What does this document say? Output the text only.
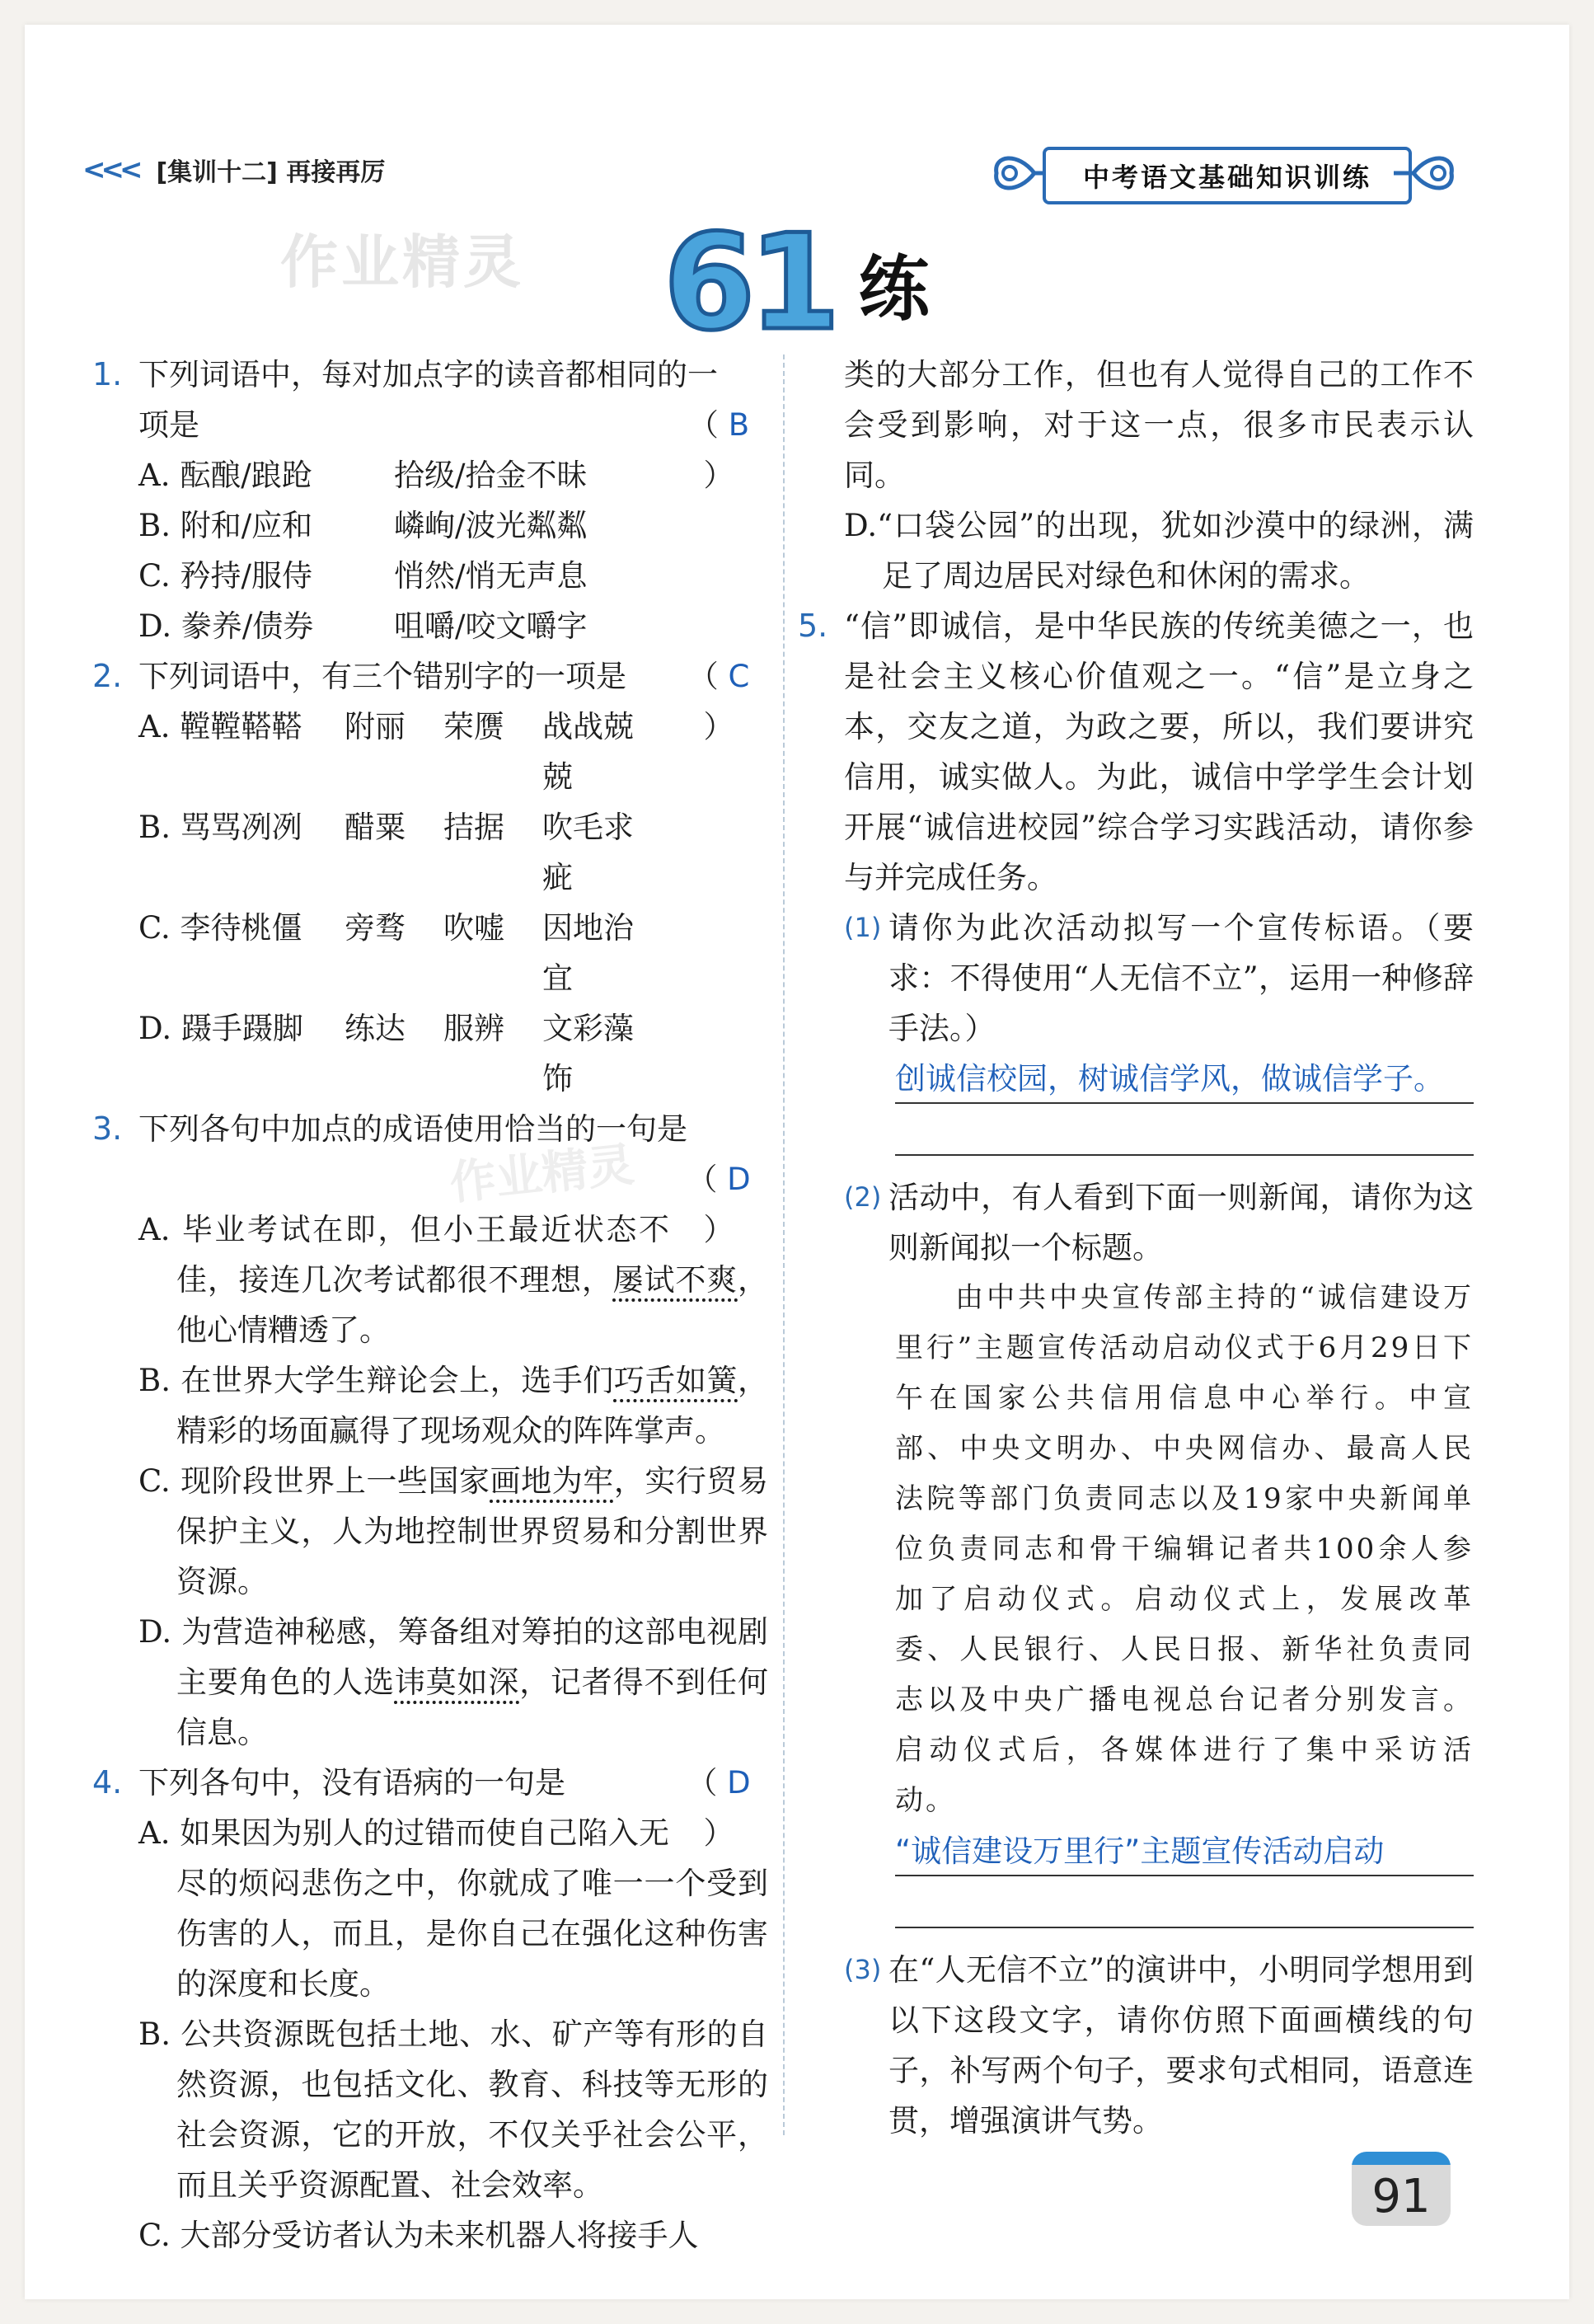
<<< [集训十二] 再接再厉	中考语文基础知识训练
作业精灵
作业精灵
61 练
1. 下列词语中，每对加点字的读音都相同的一
项是	（ B ）
A. 酝酿/踉跄	拾级/拾金不昧
B. 附和/应和	嶙峋/波光粼粼
C. 矜持/服侍	悄然/悄无声息
D. 豢养/债券	咀嚼/咬文嚼字
2. 下列词语中，有三个错别字的一项是	（ C ）
A. 鞺鞺鞳鞳	附丽	荣赝	战战兢兢
B. 骂骂冽冽	醋粟	拮据	吹毛求疵
C. 李待桃僵	旁骛	吹嘘	因地治宜
D. 蹑手蹑脚	练达	服辨	文彩藻饰
3. 下列各句中加点的成语使用恰当的一句是
（ D ）
A. 毕业考试在即，但小王最近状态不佳，接连几次考试都很不理想，屡试不爽，他心情糟透了。
B. 在世界大学生辩论会上，选手们巧舌如簧，精彩的场面赢得了现场观众的阵阵掌声。
C. 现阶段世界上一些国家画地为牢，实行贸易保护主义，人为地控制世界贸易和分割世界资源。
D. 为营造神秘感，筹备组对筹拍的这部电视剧主要角色的人选讳莫如深，记者得不到任何信息。
4. 下列各句中，没有语病的一句是	（ D ）
A. 如果因为别人的过错而使自己陷入无尽的烦闷悲伤之中，你就成了唯一一个受到伤害的人，而且，是你自己在强化这种伤害的深度和长度。
B. 公共资源既包括土地、水、矿产等有形的自然资源，也包括文化、教育、科技等无形的社会资源，它的开放，不仅关乎社会公平，而且关乎资源配置、社会效率。
C. 大部分受访者认为未来机器人将接手人
类的大部分工作，但也有人觉得自己的工作不会受到影响，对于这一点，很多市民表示认同。
D.“口袋公园”的出现，犹如沙漠中的绿洲，满足了周边居民对绿色和休闲的需求。
5. “信”即诚信，是中华民族的传统美德之一，也是社会主义核心价值观之一。“信”是立身之本，交友之道，为政之要，所以，我们要讲究信用，诚实做人。为此，诚信中学学生会计划开展“诚信进校园”综合学习实践活动，请你参与并完成任务。
(1) 请你为此次活动拟写一个宣传标语。（要求：不得使用“人无信不立”，运用一种修辞手法。）
创诚信校园，树诚信学风，做诚信学子。
(2) 活动中，有人看到下面一则新闻，请你为这则新闻拟一个标题。
由中共中央宣传部主持的“诚信建设万里行”主题宣传活动启动仪式于6月29日下午在国家公共信用信息中心举行。中宣部、中央文明办、中央网信办、最高人民法院等部门负责同志以及19家中央新闻单位负责同志和骨干编辑记者共100余人参加了启动仪式。启动仪式上，发展改革委、人民银行、人民日报、新华社负责同志以及中央广播电视总台记者分别发言。启动仪式后，各媒体进行了集中采访活动。
“诚信建设万里行”主题宣传活动启动
(3) 在“人无信不立”的演讲中，小明同学想用到以下这段文字，请你仿照下面画横线的句子，补写两个句子，要求句式相同，语意连贯，增强演讲气势。
91
